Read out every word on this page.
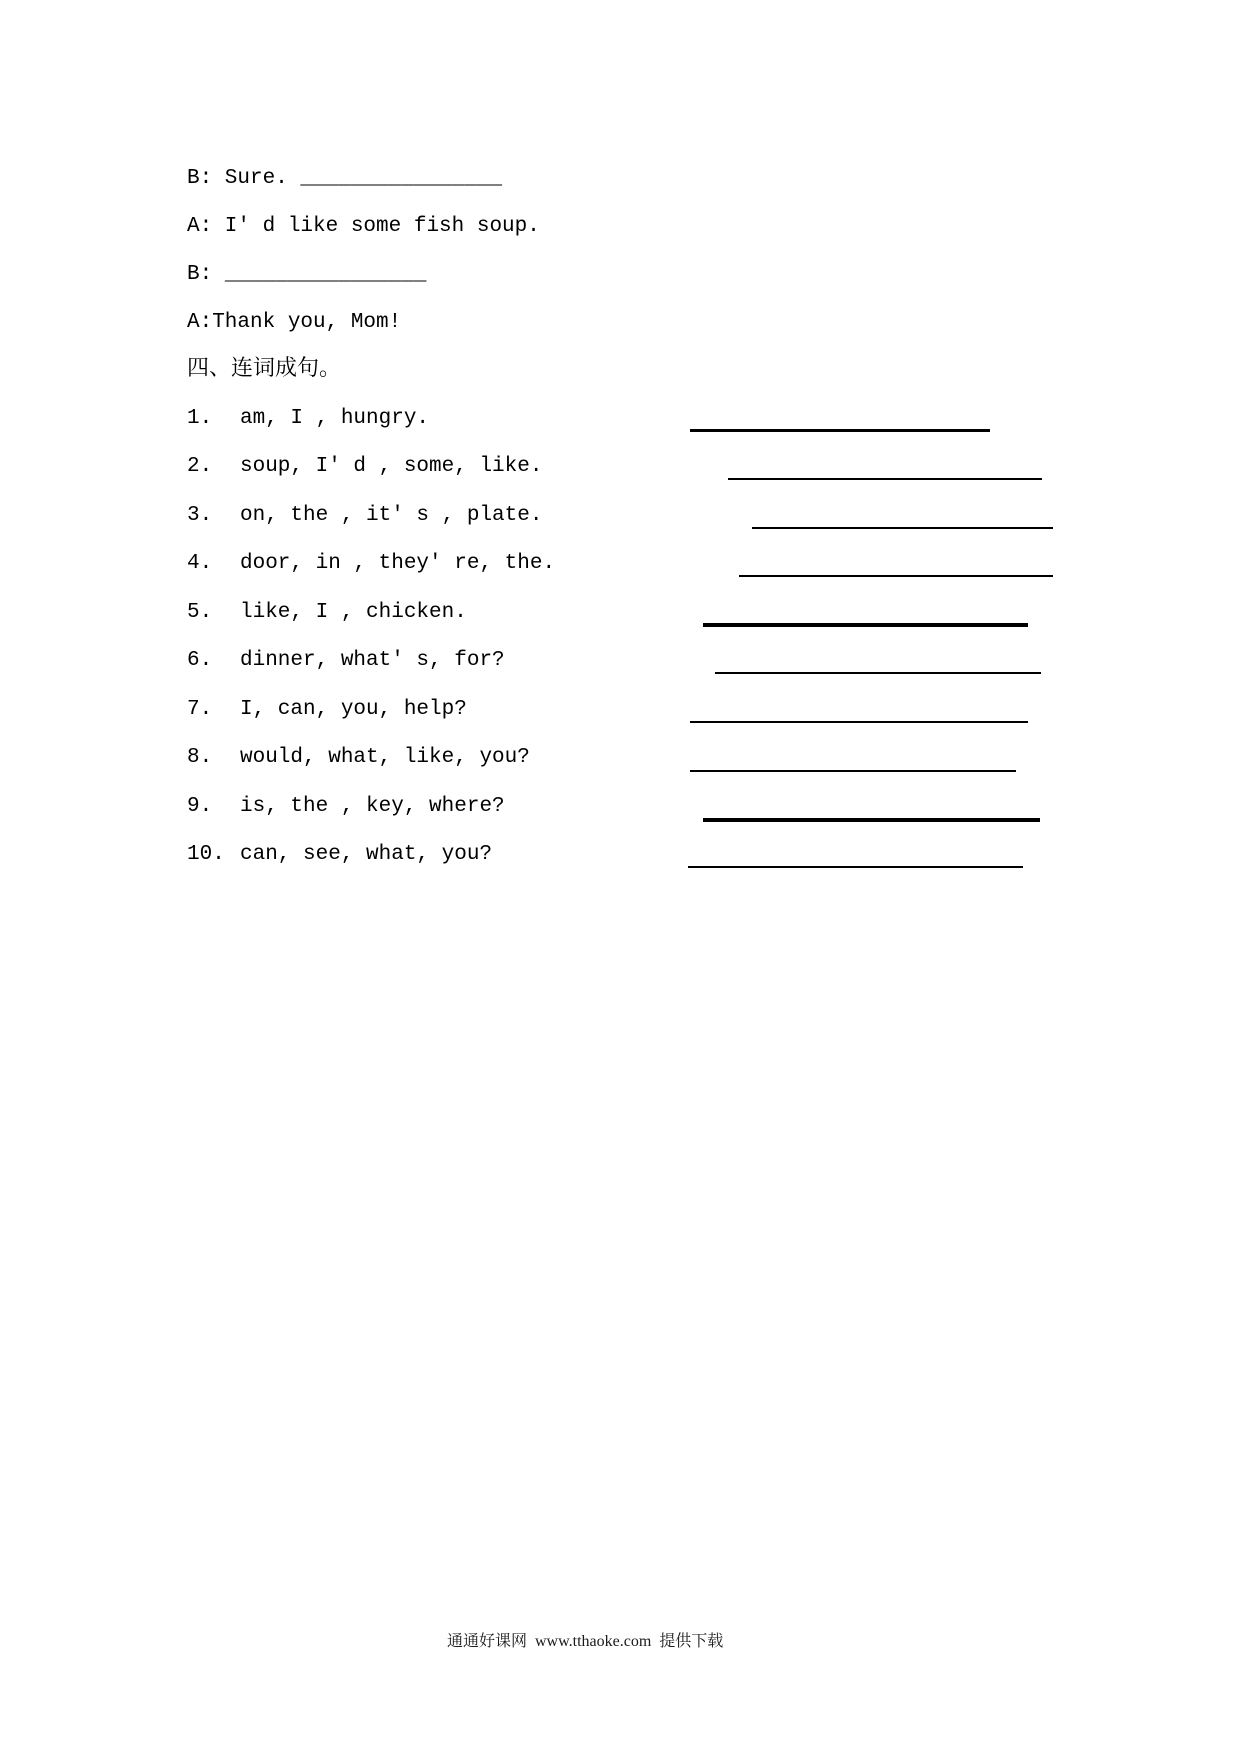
B: Sure. ________________
A: I' d like some fish soup.
B: ________________
A:Thank you, Mom!
四、连词成句。
1. am, I , hungry.
2. soup, I' d , some, like.
3. on, the , it' s , plate.
4. door, in , they' re, the.
5. like, I , chicken.
6. dinner, what' s, for?
7. I, can, you, help?
8. would, what, like, you?
9. is, the , key, where?
10. can, see, what, you?
通通好课网  www.tthaoke.com  提供下载
